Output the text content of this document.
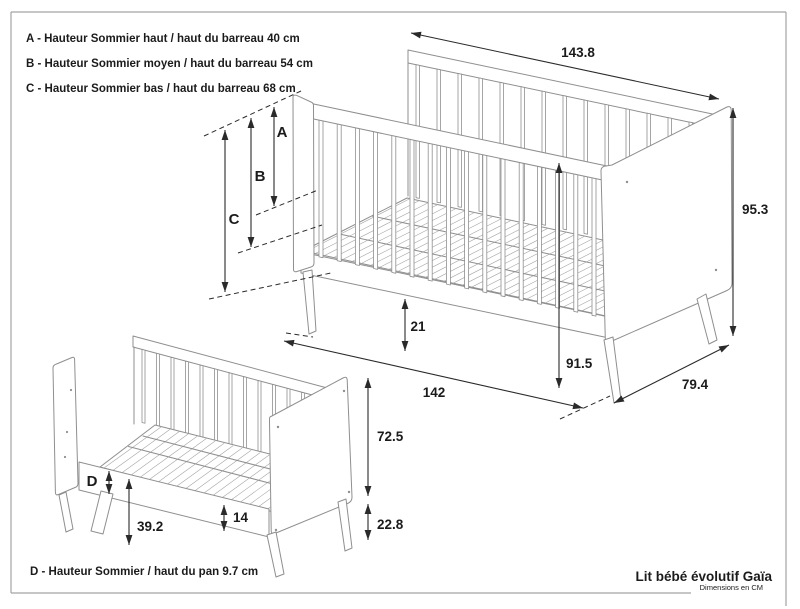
143.8
95.3
79.4
91.5
142
21
A
B
C
72.5
22.8
39.2
14
D
A - Hauteur Sommier haut / haut du barreau 40 cm
B - Hauteur Sommier moyen / haut du barreau 54 cm
C - Hauteur Sommier bas / haut du barreau 68 cm
D - Hauteur Sommier / haut du pan 9.7 cm	Lit bébé évolutif Gaïa
Dimensions en CM
